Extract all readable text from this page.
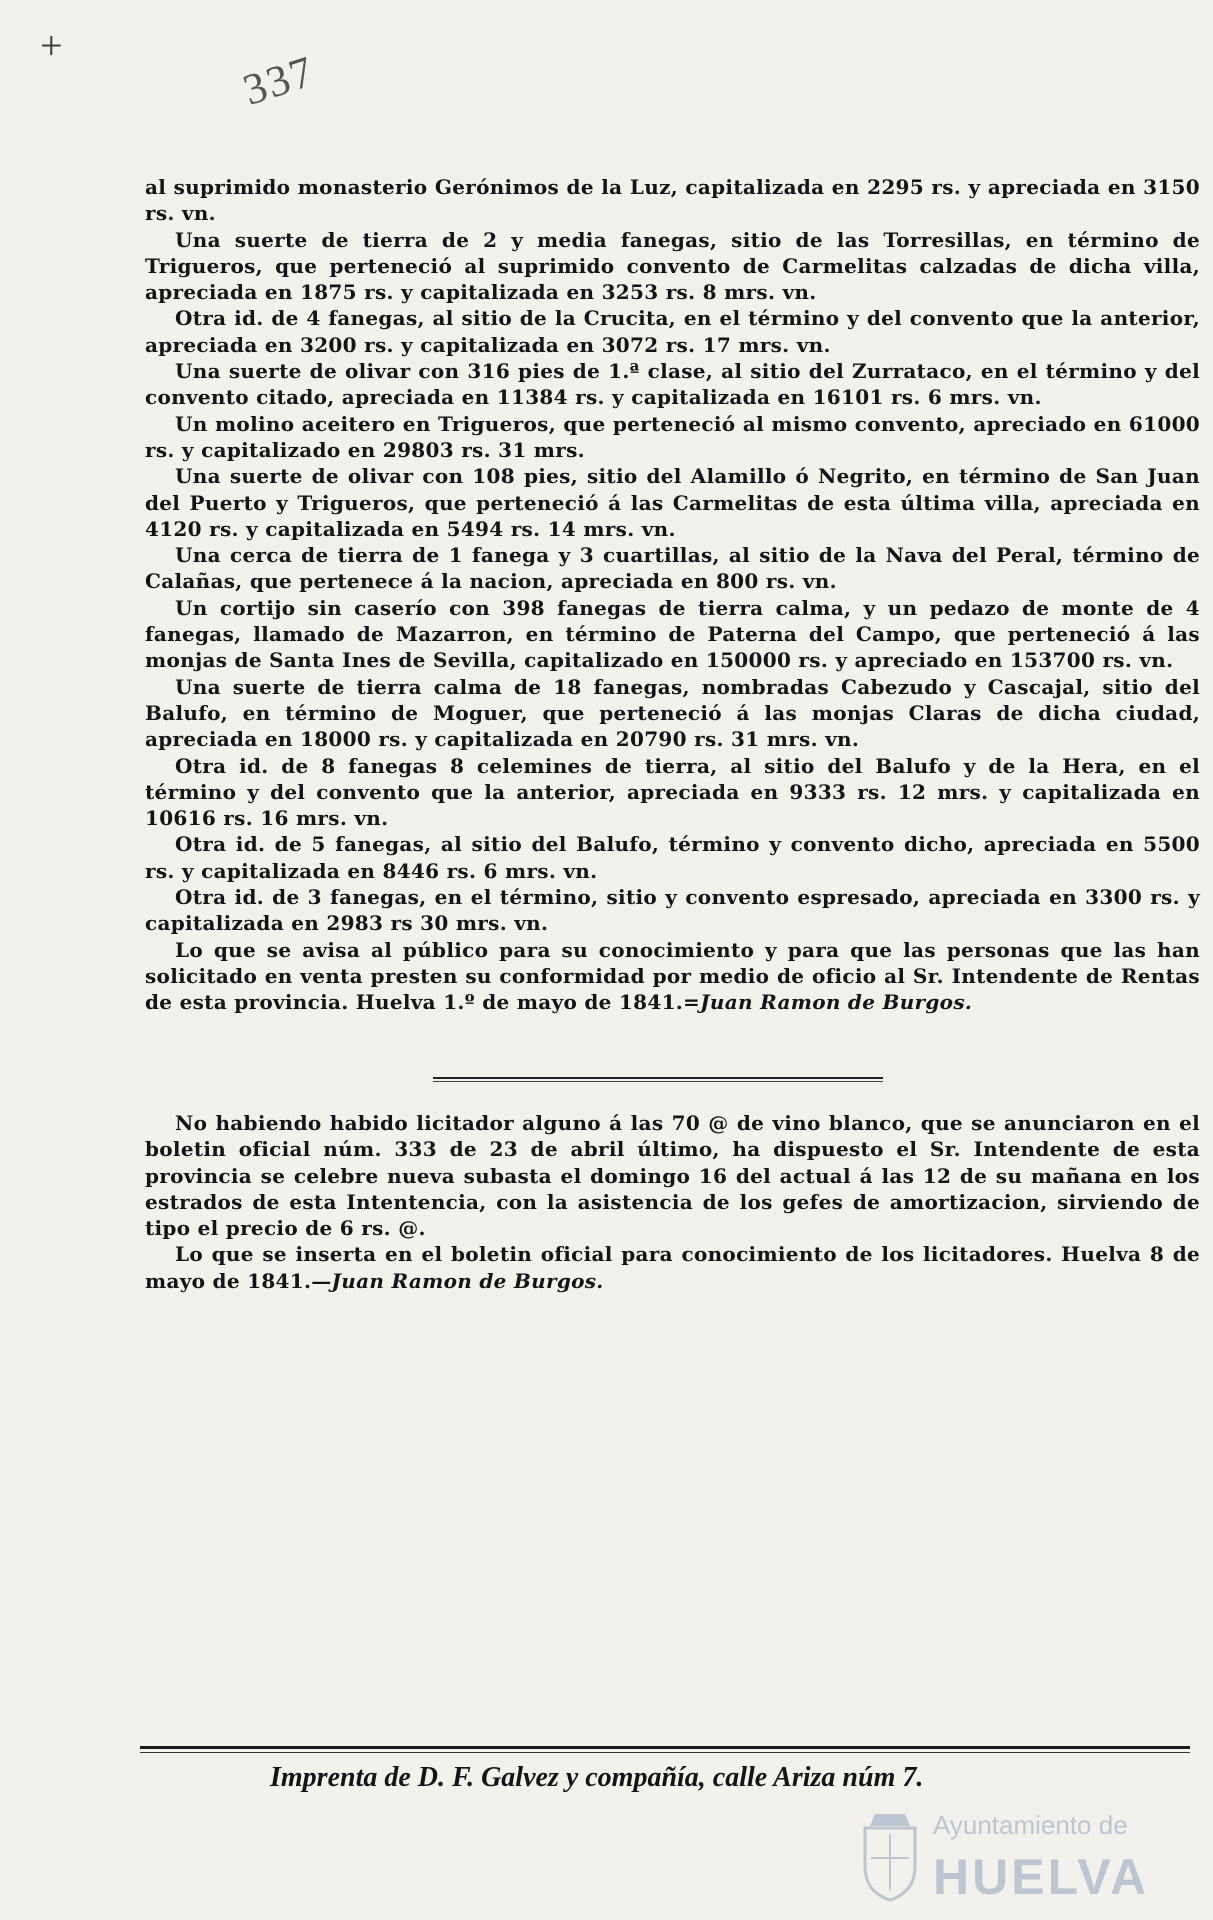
+
337

al suprimido monasterio Gerónimos de la Luz, capitalizada en 2295 rs. y apreciada en 3150 rs. vn.

Una suerte de tierra de 2 y media fanegas, sitio de las Torresillas, en término de Trigueros, que perteneció al suprimido convento de Carmelitas calzadas de dicha villa, apreciada en 1875 rs. y capitalizada en 3253 rs. 8 mrs. vn.

Otra id. de 4 fanegas, al sitio de la Crucita, en el término y del convento que la anterior, apreciada en 3200 rs. y capitalizada en 3072 rs. 17 mrs. vn.

Una suerte de olivar con 316 pies de 1.ª clase, al sitio del Zurrataco, en el término y del convento citado, apreciada en 11384 rs. y capitalizada en 16101 rs. 6 mrs. vn.

Un molino aceitero en Trigueros, que perteneció al mismo convento, apreciado en 61000 rs. y capitalizado en 29803 rs. 31 mrs.

Una suerte de olivar con 108 pies, sitio del Alamillo ó Negrito, en término de San Juan del Puerto y Trigueros, que perteneció á las Carmelitas de esta última villa, apreciada en 4120 rs. y capitalizada en 5494 rs. 14 mrs. vn.

Una cerca de tierra de 1 fanega y 3 cuartillas, al sitio de la Nava del Peral, término de Calañas, que pertenece á la nacion, apreciada en 800 rs. vn.

Un cortijo sin caserío con 398 fanegas de tierra calma, y un pedazo de monte de 4 fanegas, llamado de Mazarron, en término de Paterna del Campo, que perteneció á las monjas de Santa Ines de Sevilla, capitalizado en 150000 rs. y apreciado en 153700 rs. vn.

Una suerte de tierra calma de 18 fanegas, nombradas Cabezudo y Cascajal, sitio del Balufo, en término de Moguer, que perteneció á las monjas Claras de dicha ciudad, apreciada en 18000 rs. y capitalizada en 20790 rs. 31 mrs. vn.

Otra id. de 8 fanegas 8 celemines de tierra, al sitio del Balufo y de la Hera, en el término y del convento que la anterior, apreciada en 9333 rs. 12 mrs. y capitalizada en 10616 rs. 16 mrs. vn.

Otra id. de 5 fanegas, al sitio del Balufo, término y convento dicho, apreciada en 5500 rs. y capitalizada en 8446 rs. 6 mrs. vn.

Otra id. de 3 fanegas, en el término, sitio y convento espresado, apreciada en 3300 rs. y capitalizada en 2983 rs 30 mrs. vn.

Lo que se avisa al público para su conocimiento y para que las personas que las han solicitado en venta presten su conformidad por medio de oficio al Sr. Intendente de Rentas de esta provincia. Huelva 1.º de mayo de 1841.=Juan Ramon de Burgos.

No habiendo habido licitador alguno á las 70 @ de vino blanco, que se anunciaron en el boletin oficial núm. 333 de 23 de abril último, ha dispuesto el Sr. Intendente de esta provincia se celebre nueva subasta el domingo 16 del actual á las 12 de su mañana en los estrados de esta Intentencia, con la asistencia de los gefes de amortizacion, sirviendo de tipo el precio de 6 rs. @.

Lo que se inserta en el boletin oficial para conocimiento de los licitadores. Huelva 8 de mayo de 1841.—Juan Ramon de Burgos.

Imprenta de D. F. Galvez y compañía, calle Ariza núm 7.
Ayuntamiento de
HUELVA
